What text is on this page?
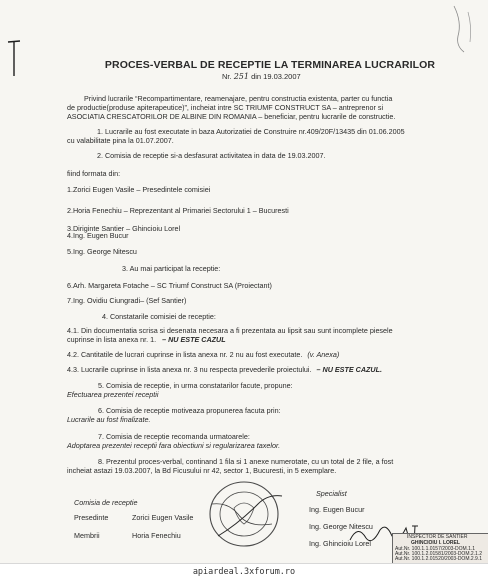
PROCES-VERBAL DE RECEPTIE LA TERMINAREA LUCRARILOR
Nr. 251 din 19.03.2007
Privind lucrarile “Recompartimentare, reamenajare, pentru constructia existenta, parter cu functia
de productie(produse apiterapeutice)”, incheiat intre SC TRIUMF CONSTRUCT SA – antreprenor si
ASOCIATIA CRESCATORILOR DE ALBINE DIN ROMANIA – beneficiar, pentru lucrarile de constructie.
1. Lucrarile au fost executate in baza Autorizatiei de Construire nr.409/20F/13435 din 01.06.2005
cu valabilitate pina la 01.07.2007.
2. Comisia de receptie si-a desfasurat activitatea in data de 19.03.2007.
fiind formata din:
1.Zorici Eugen Vasile – Presedintele comisiei
2.Horia Fenechiu – Reprezentant al Primariei Sectorului 1 – Bucuresti
3.Diriginte Santier – Ghincioiu Lorel
4.Ing. Eugen Bucur
5.Ing. George Nitescu
3. Au mai participat la receptie:
6.Arh. Margareta Fotache – SC Triumf Construct SA (Proiectant)
7.Ing. Ovidiu Ciungradi– (Sef Santier)
4. Constatarile comisiei de receptie:
4.1. Din documentatia scrisa si desenata necesara a fi prezentata au lipsit sau sunt incomplete piesele
cuprinse in lista anexa nr. 1. – NU ESTE CAZUL
4.2. Cantitatile de lucrari cuprinse in lista anexa nr. 2 nu au fost executate. (v. Anexa)
4.3. Lucrarile cuprinse in lista anexa nr. 3 nu respecta prevederile proiectului. – NU ESTE CAZUL.
5. Comisia de receptie, in urma constatarilor facute, propune:
Efectuarea prezentei receptii
6. Comisia de receptie motiveaza propunerea facuta prin:
Lucrarile au fost finalizate.
7. Comisia de receptie recomanda urmatoarele:
Adoptarea prezentei receptii fara obiectiuni si regularizarea taxelor.
8. Prezentul proces-verbal, continand 1 fila si 1 anexe numerotate, cu un total de 2 file, a fost
incheiat astazi 19.03.2007, la Bd Ficusului nr 42, sector 1, Bucuresti, in 5 exemplare.
Comisia de receptie
Presedinte	Zorici Eugen Vasile
Membrii	Horia Fenechiu
Specialist
Ing. Eugen Bucur
Ing. George Nitescu
Ing. Ghincioiu Lorel
INSPECTOR DE SANTIER
GHINCIOIU I. LOREL
Aut.Nr. 100.1.1.0157/2003-DOM.1.1
Aut.Nr. 100.1.2.01581/2003-DOM.2.1.2
Aut.Nr. 100.1.2.01520/2003-DOM.2.9.1
apiardeal.3xforum.ro
